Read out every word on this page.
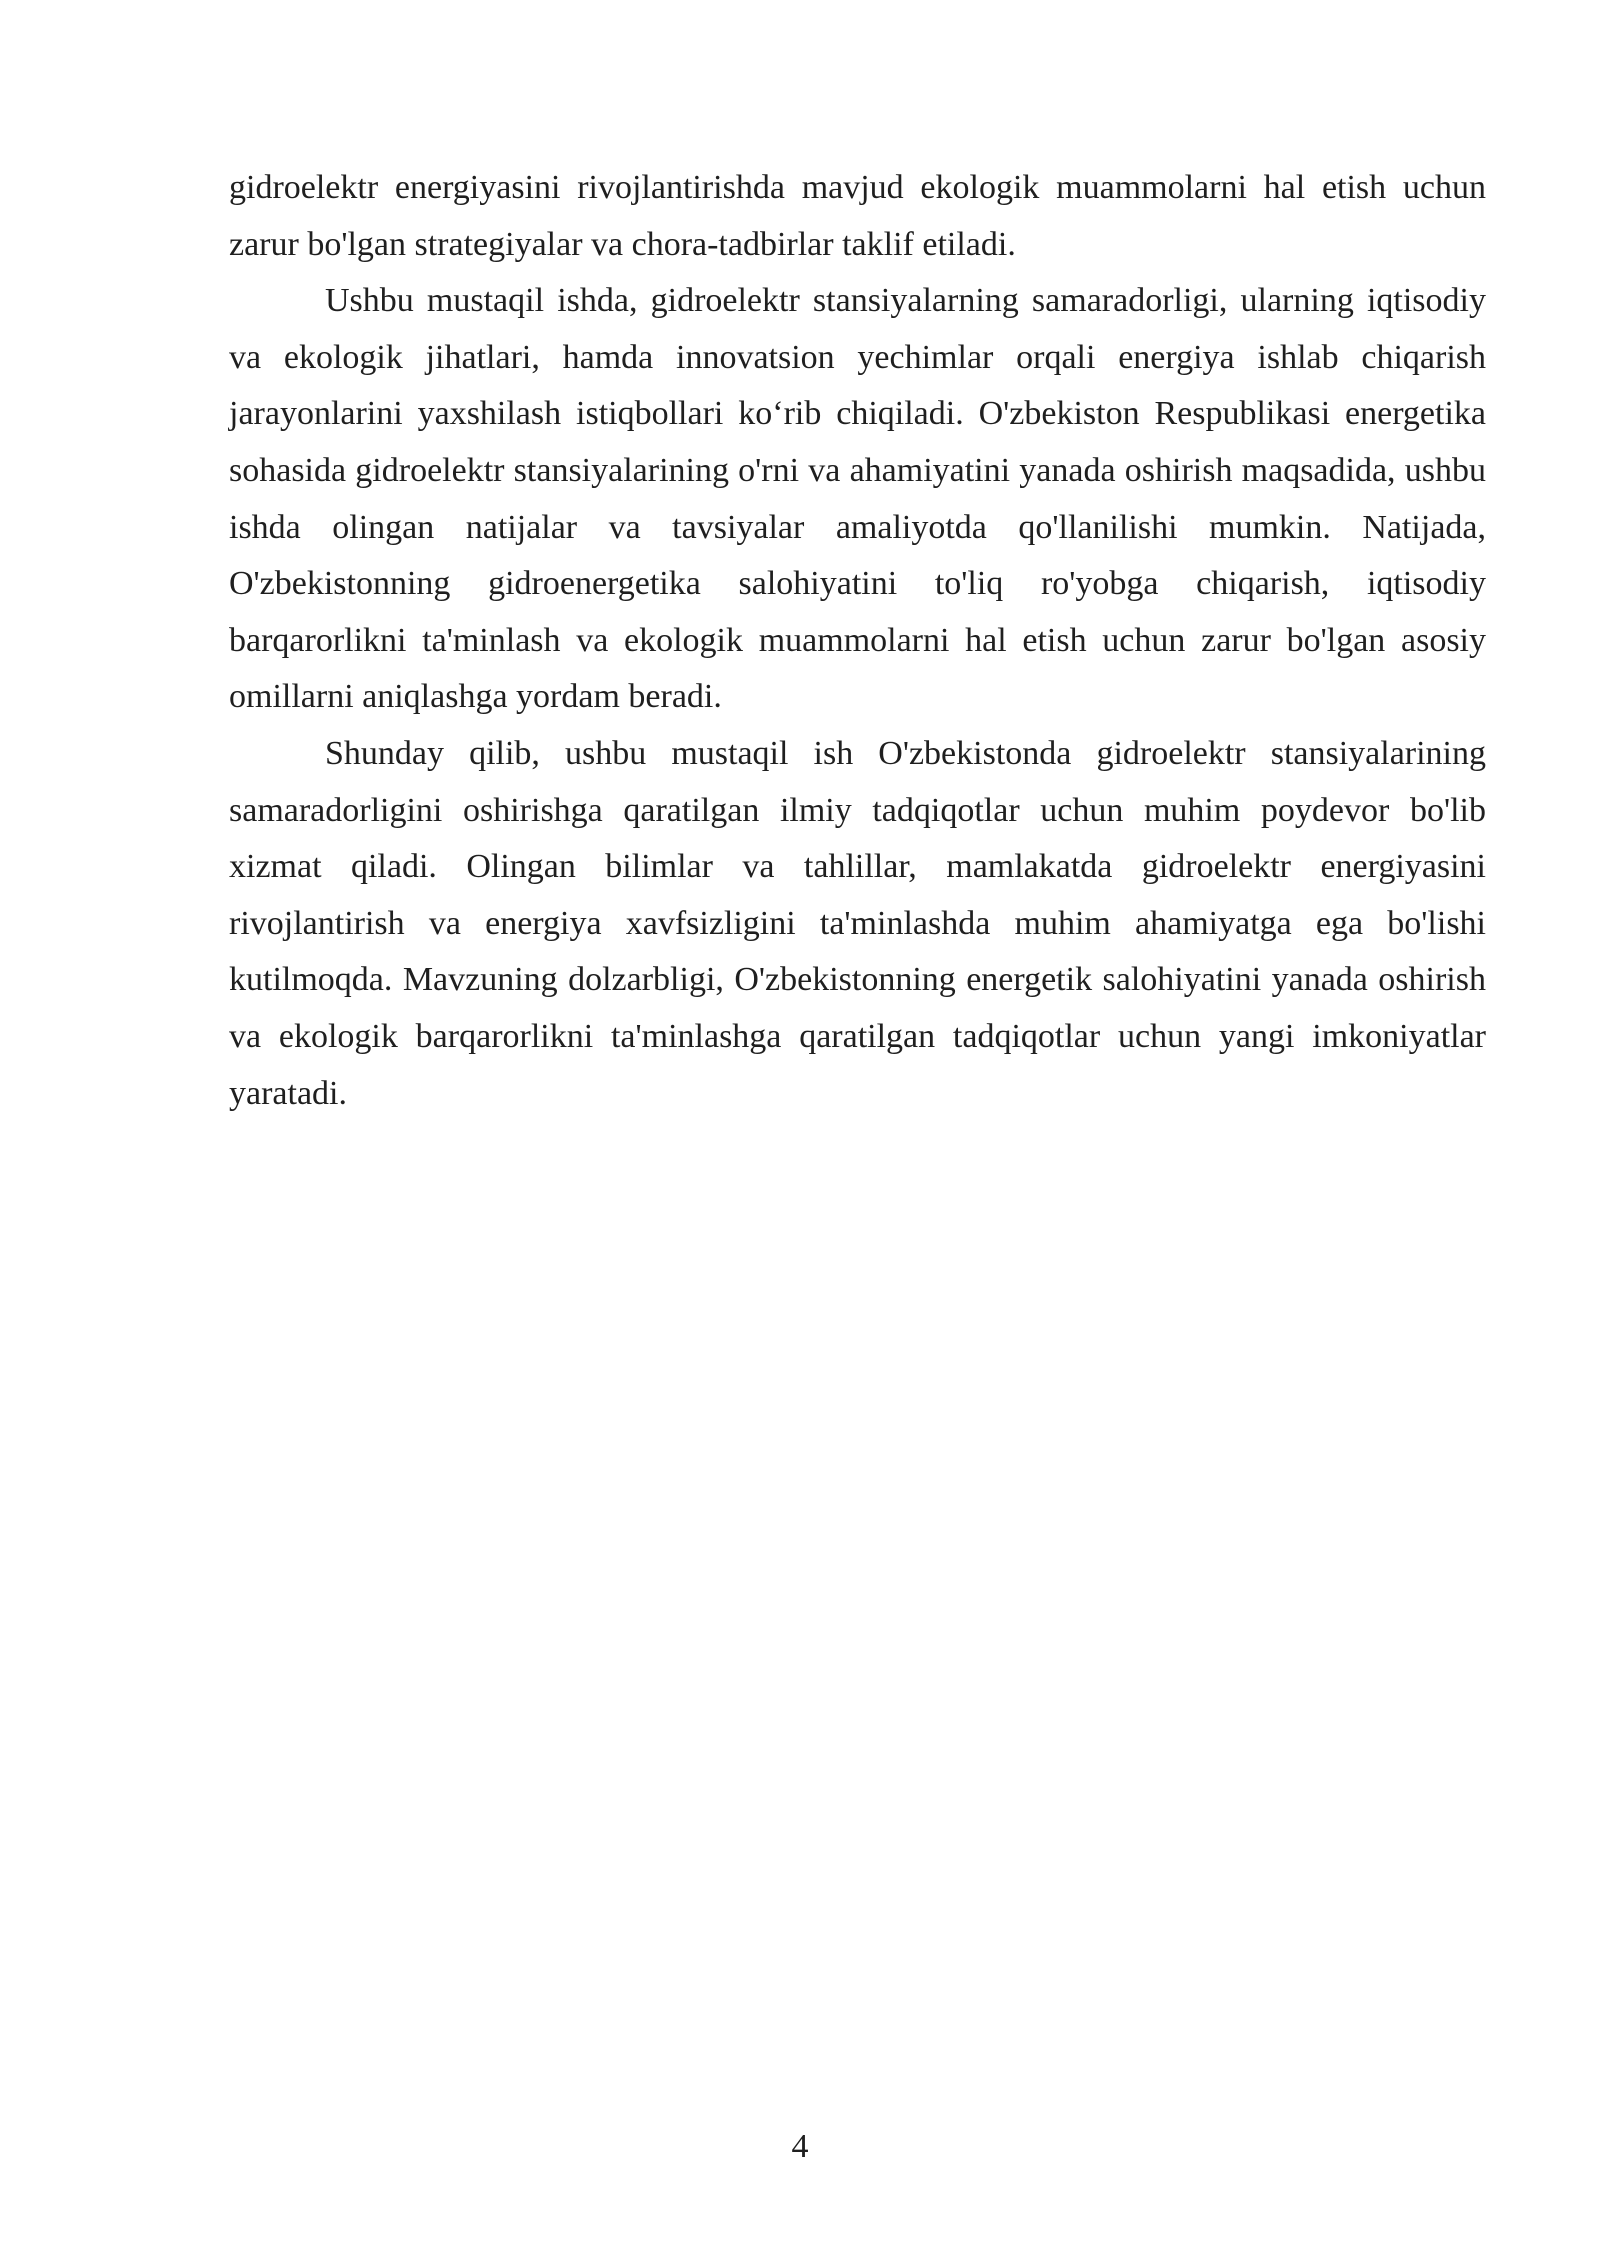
gidroelektr energiyasini rivojlantirishda mavjud ekologik muammolarni hal etish uchun zarur bo'lgan strategiyalar va chora-tadbirlar taklif etiladi.

Ushbu mustaqil ishda, gidroelektr stansiyalarning samaradorligi, ularning iqtisodiy va ekologik jihatlari, hamda innovatsion yechimlar orqali energiya ishlab chiqarish jarayonlarini yaxshilash istiqbollari ko‘rib chiqiladi. O'zbekiston Respublikasi energetika sohasida gidroelektr stansiyalarining o'rni va ahamiyatini yanada oshirish maqsadida, ushbu ishda olingan natijalar va tavsiyalar amaliyotda qo'llanilishi mumkin. Natijada, O'zbekistonning gidroenergetika salohiyatini to'liq ro'yobga chiqarish, iqtisodiy barqarorlikni ta'minlash va ekologik muammolarni hal etish uchun zarur bo'lgan asosiy omillarni aniqlashga yordam beradi.

Shunday qilib, ushbu mustaqil ish O'zbekistonda gidroelektr stansiyalarining samaradorligini oshirishga qaratilgan ilmiy tadqiqotlar uchun muhim poydevor bo'lib xizmat qiladi. Olingan bilimlar va tahlillar, mamlakatda gidroelektr energiyasini rivojlantirish va energiya xavfsizligini ta'minlashda muhim ahamiyatga ega bo'lishi kutilmoqda. Mavzuning dolzarbligi, O'zbekistonning energetik salohiyatini yanada oshirish va ekologik barqarorlikni ta'minlashga qaratilgan tadqiqotlar uchun yangi imkoniyatlar yaratadi.

4
